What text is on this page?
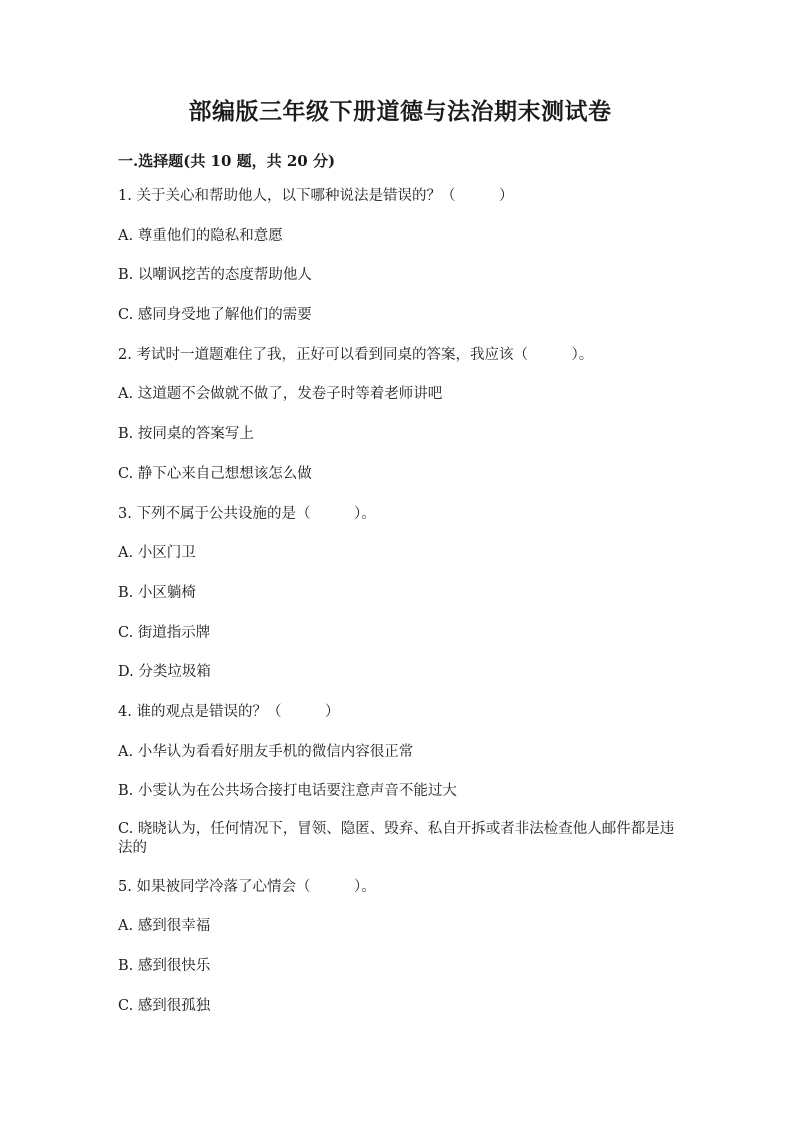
部编版三年级下册道德与法治期末测试卷
一.选择题(共 10 题，共 20 分)
1. 关于关心和帮助他人，以下哪种说法是错误的？（　　　）
A. 尊重他们的隐私和意愿
B. 以嘲讽挖苦的态度帮助他人
C. 感同身受地了解他们的需要
2. 考试时一道题难住了我，正好可以看到同桌的答案，我应该（　　　）。
A. 这道题不会做就不做了，发卷子时等着老师讲吧
B. 按同桌的答案写上
C. 静下心来自己想想该怎么做
3. 下列不属于公共设施的是（　　　）。
A. 小区门卫
B. 小区躺椅
C. 街道指示牌
D. 分类垃圾箱
4. 谁的观点是错误的？（　　　）
A. 小华认为看看好朋友手机的微信内容很正常
B. 小雯认为在公共场合接打电话要注意声音不能过大
C. 晓晓认为，任何情况下，冒领、隐匿、毁弃、私自开拆或者非法检查他人邮件都是违法的
5. 如果被同学冷落了心情会（　　　）。
A. 感到很幸福
B. 感到很快乐
C. 感到很孤独
